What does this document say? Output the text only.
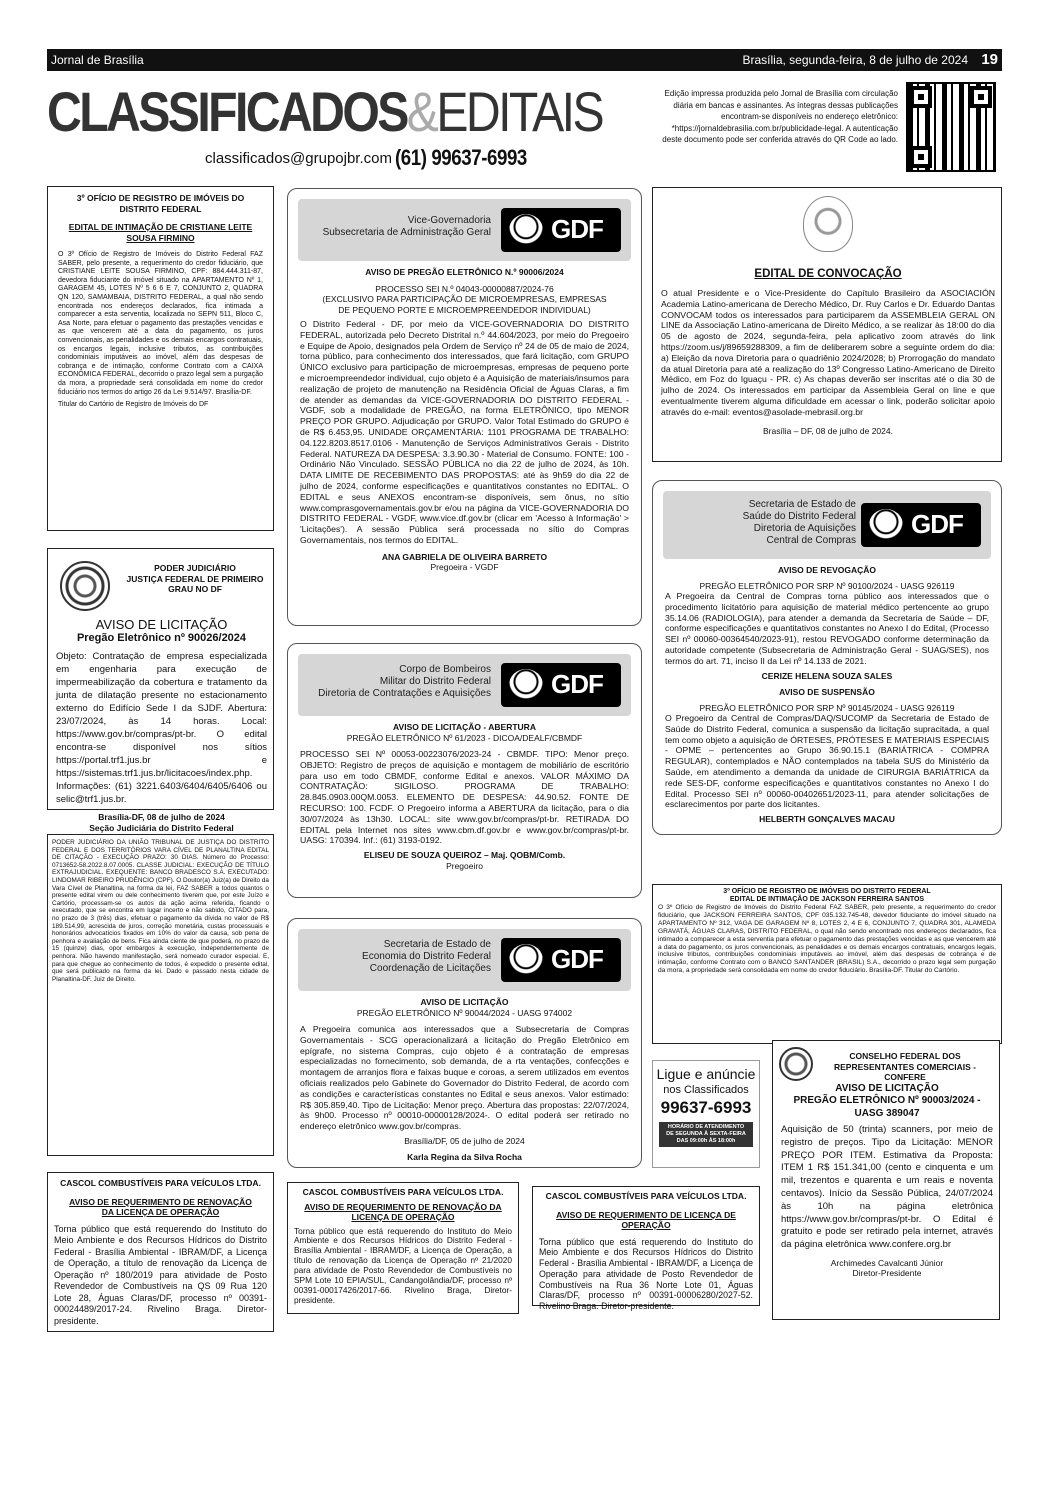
Jornal de Brasília	Brasília, segunda-feira, 8 de julho de 2024 19
CLASSIFICADOS&EDITAIS
classificados@grupojbr.com (61) 99637-6993
Edição impressa produzida pelo Jornal de Brasília com circulação diária em bancas e assinantes. As íntegras dessas publicações encontram-se disponíveis no endereço eletrônico: *https://jornaldebrasilia.com.br/publicidade-legal. A autenticação deste documento pode ser conferida através do QR Code ao lado.
3º OFÍCIO DE REGISTRO DE IMÓVEIS DO DISTRITO FEDERAL
EDITAL DE INTIMAÇÃO DE CRISTIANE LEITE SOUSA FIRMINO
O 3º Ofício de Registro de Imóveis do Distrito Federal FAZ SABER, pelo presente, a requerimento do credor fiduciário, que CRISTIANE LEITE SOUSA FIRMINO, CPF: 884.444.311-87, devedora fiduciante do imóvel situado na APARTAMENTO Nº 1, GARAGEM 45, LOTES Nº 5 6 6 E 7, CONJUNTO 2, QUADRA QN 120, SAMAMBAIA, DISTRITO FEDERAL, a qual não sendo encontrada nos endereços declarados, fica intimada a comparecer a esta serventia, localizada no SEPN 511, Bloco C, Asa Norte, para efetuar o pagamento das prestações vencidas e as que vencerem até a data do pagamento, os juros convencionais, as penalidades e os demais encargos contratuais, os encargos legais, inclusive tributos, as contribuições condominiais imputáveis ao imóvel, além das despesas de cobrança e de intimação, conforme Contrato com a CAIXA ECONÔMICA FEDERAL, decorrido o prazo legal sem a purgação da mora, a propriedade será consolidada em nome do credor fiduciário nos termos do artigo 26 da Lei 9.514/97. Brasília-DF.
Titular do Cartório de Registro de Imóveis do DF
PODER JUDICIÁRIO
JUSTIÇA FEDERAL DE PRIMEIRO GRAU NO DF
AVISO DE LICITAÇÃO
Pregão Eletrônico nº 90026/2024
Objeto: Contratação de empresa especializada em engenharia para execução de impermeabilização da cobertura e tratamento da junta de dilatação presente no estacionamento externo do Edifício Sede I da SJDF. Abertura: 23/07/2024, às 14 horas. Local: https://www.gov.br/compras/pt-br. O edital encontra-se disponível nos sítios https://portal.trf1.jus.br e https://sistemas.trf1.jus.br/licitacoes/index.php. Informações: (61) 3221.6403/6404/6405/6406 ou selic@trf1.jus.br.
Brasília-DF, 08 de julho de 2024
Seção Judiciária do Distrito Federal
PODER JUDICIÁRIO DA UNIÃO TRIBUNAL DE JUSTIÇA DO DISTRITO FEDERAL E DOS TERRITÓRIOS VARA CÍVEL DE PLANALTINA EDITAL DE CITAÇÃO - EXECUÇÃO PRAZO: 30 DIAS. Número do Processo: 0713652-58.2022.8.07.0005. CLASSE JUDICIAL: EXECUÇÃO DE TÍTULO EXTRAJUDICIAL. EXEQUENTE: BANCO BRADESCO S.A. EXECUTADO: LINDOMAR RIBEIRO PRUDÊNCIO (CPF). O Doutor(a) Juiz(a) de Direito da Vara Cível de Planaltina, na forma da lei, FAZ SABER a todos quantos o presente edital virem ou dele conhecimento tiverem que, por este Juízo e Cartório, processam-se os autos da ação acima referida, ficando o executado, que se encontra em lugar incerto e não sabido, CITADO para, no prazo de 3 (três) dias, efetuar o pagamento da dívida no valor de R$ 189.514,99, acrescida de juros, correção monetária, custas processuais e honorários advocatícios fixados em 10% do valor da causa, sob pena de penhora e avaliação de bens. Fica ainda ciente de que poderá, no prazo de 15 (quinze) dias, opor embargos à execução, independentemente de penhora. Não havendo manifestação, será nomeado curador especial. E, para que chegue ao conhecimento de todos, é expedido o presente edital, que será publicado na forma da lei. Dado e passado nesta cidade de Planaltina-DF. Juiz de Direito.
Vice-Governadoria
Subsecretaria de Administração Geral GDF
AVISO DE PREGÃO ELETRÔNICO N.º 90006/2024
PROCESSO SEI N.º 04043-00000887/2024-76
(EXCLUSIVO PARA PARTICIPAÇÃO DE MICROEMPRESAS, EMPRESAS DE PEQUENO PORTE E MICROEMPREENDEDOR INDIVIDUAL)
O Distrito Federal - DF, por meio da VICE-GOVERNADORIA DO DISTRITO FEDERAL, autorizada pelo Decreto Distrital n.º 44.604/2023, por meio do Pregoeiro e Equipe de Apoio, designados pela Ordem de Serviço nº 24 de 05 de maio de 2024, torna público, para conhecimento dos interessados, que fará licitação, com GRUPO ÚNICO exclusivo para participação de microempresas, empresas de pequeno porte e microempreendedor individual, cujo objeto é a Aquisição de materiais/insumos para realização de projeto de manutenção na Residência Oficial de Águas Claras, a fim de atender as demandas da VICE-GOVERNADORIA DO DISTRITO FEDERAL - VGDF, sob a modalidade de PREGÃO, na forma ELETRÔNICO, tipo MENOR PREÇO POR GRUPO. Adjudicação por GRUPO. Valor Total Estimado do GRUPO é de R$ 6.453,95. UNIDADE ORÇAMENTÁRIA: 1101 PROGRAMA DE TRABALHO: 04.122.8203.8517.0106 - Manutenção de Serviços Administrativos Gerais - Distrito Federal. NATUREZA DA DESPESA: 3.3.90.30 - Material de Consumo. FONTE: 100 - Ordinário Não Vinculado. SESSÃO PÚBLICA no dia 22 de julho de 2024, às 10h. DATA LIMITE DE RECEBIMENTO DAS PROPOSTAS: até às 9h59 do dia 22 de julho de 2024, conforme especificações e quantitativos constantes no EDITAL. O EDITAL e seus ANEXOS encontram-se disponíveis, sem ônus, no sítio www.comprasgovernamentais.gov.br e/ou na página da VICE-GOVERNADORIA DO DISTRITO FEDERAL - VGDF, www.vice.df.gov.br (clicar em 'Acesso à Informação' > 'Licitações'). A sessão Pública será processada no sítio do Compras Governamentais, nos termos do EDITAL.
ANA GABRIELA DE OLIVEIRA BARRETO
Pregoeira - VGDF
Corpo de Bombeiros
Militar do Distrito Federal
Diretoria de Contratações e Aquisições GDF
AVISO DE LICITAÇÃO - ABERTURA
PREGÃO ELETRÔNICO Nº 61/2023 - DICOA/DEALF/CBMDF
PROCESSO SEI Nº 00053-00223076/2023-24 - CBMDF. TIPO: Menor preço. OBJETO: Registro de preços de aquisição e montagem de mobiliário de escritório para uso em todo CBMDF, conforme Edital e anexos. VALOR MÁXIMO DA CONTRATAÇÃO: SIGILOSO. PROGRAMA DE TRABALHO: 28.845.0903.00QM.0053. ELEMENTO DE DESPESA: 44.90.52. FONTE DE RECURSO: 100. FCDF. O Pregoeiro informa a ABERTURA da licitação, para o dia 30/07/2024 às 13h30. LOCAL: site www.gov.br/compras/pt-br. RETIRADA DO EDITAL pela Internet nos sites www.cbm.df.gov.br e www.gov.br/compras/pt-br. UASG: 170394. Inf.: (61) 3193-0192.
ELISEU DE SOUZA QUEIROZ – Maj. QOBM/Comb.
Pregoeiro
Secretaria de Estado de
Economia do Distrito Federal
Coordenação de Licitações GDF
AVISO DE LICITAÇÃO
PREGÃO ELETRÔNICO Nº 90044/2024 - UASG 974002
A Pregoeira comunica aos interessados que a Subsecretaria de Compras Governamentais - SCG operacionalizará a licitação do Pregão Eletrônico em epígrafe, no sistema Compras, cujo objeto é a contratação de empresas especializadas no fornecimento, sob demanda, de a rta ventações, confecções e montagem de arranjos flora e faixas buque e coroas, a serem utilizados em eventos oficiais realizados pelo Gabinete do Governador do Distrito Federal, de acordo com as condições e características constantes no Edital e seus anexos. Valor estimado: R$ 305.859,40. Tipo de Licitação: Menor preço. Abertura das propostas: 22/07/2024, às 9h00. Processo nº 00010-00000128/2024-. O edital poderá ser retirado no endereço eletrônico www.gov.br/compras.
Brasília/DF, 05 de julho de 2024
Karla Regina da Silva Rocha
EDITAL DE CONVOCAÇÃO
O atual Presidente e o Vice-Presidente do Capítulo Brasileiro da ASOCIACIÓN Academia Latino-americana de Derecho Médico, Dr. Ruy Carlos e Dr. Eduardo Dantas CONVOCAM todos os interessados para participarem da ASSEMBLEIA GERAL ON LINE da Associação Latino-americana de Direito Médico, a se realizar às 18:00 do dia 05 de agosto de 2024, segunda-feira, pela aplicativo zoom através do link https://zoom.us/j/89659288309, a fim de deliberarem sobre a seguinte ordem do dia: a) Eleição da nova Diretoria para o quadriênio 2024/2028; b) Prorrogação do mandato da atual Diretoria para até a realização do 13º Congresso Latino-Americano de Direito Médico, em Foz do Iguaçu - PR. c) As chapas deverão ser inscritas até o dia 30 de julho de 2024. Os interessados em participar da Assembleia Geral on line e que eventualmente tiverem alguma dificuldade em acessar o link, poderão solicitar apoio através do e-mail: eventos@asolade-mebrasil.org.br
Brasília – DF, 08 de julho de 2024.
Secretaria de Estado de
Saúde do Distrito Federal
Diretoria de Aquisições
Central de Compras
GDF
AVISO DE REVOGAÇÃO
PREGÃO ELETRÔNICO POR SRP Nº 90100/2024 - UASG 926119
A Pregoeira da Central de Compras torna público aos interessados que o procedimento licitatório para aquisição de material médico pertencente ao grupo 35.14.06 (RADIOLOGIA), para atender a demanda da Secretaria de Saúde – DF, conforme especificações e quantitativos constantes no Anexo I do Edital, (Processo SEI nº 00060-00364540/2023-91), restou REVOGADO conforme determinação da autoridade competente (Subsecretaria de Administração Geral - SUAG/SES), nos termos do art. 71, inciso II da Lei nº 14.133 de 2021.
CERIZE HELENA SOUZA SALES
AVISO DE SUSPENSÃO
PREGÃO ELETRÔNICO POR SRP Nº 90145/2024 - UASG 926119
O Pregoeiro da Central de Compras/DAQ/SUCOMP da Secretaria de Estado de Saúde do Distrito Federal, comunica a suspensão da licitação supracitada, a qual tem como objeto a aquisição de ÓRTESES, PRÓTESES E MATERIAIS ESPECIAIS - OPME – pertencentes ao Grupo 36.90.15.1 (BARIÁTRICA - COMPRA REGULAR), contemplados e NÃO contemplados na tabela SUS do Ministério da Saúde, em atendimento a demanda da unidade de CIRURGIA BARIÁTRICA da rede SES-DF, conforme especificações e quantitativos constantes no Anexo I do Edital. Processo SEI nº 00060-00402651/2023-11, para atender solicitações de esclarecimentos por parte dos licitantes.
HELBERTH GONÇALVES MACAU
3º OFÍCIO DE REGISTRO DE IMÓVEIS DO DISTRITO FEDERAL
EDITAL DE INTIMAÇÃO DE JACKSON FERREIRA SANTOS
O 3º Ofício de Registro de Imóveis do Distrito Federal FAZ SABER, pelo presente, a requerimento do credor fiduciário, que JACKSON FERREIRA SANTOS, CPF 035.132.745-48, devedor fiduciante do imóvel situado na APARTAMENTO Nº 312, VAGA DE GARAGEM Nº 8, LOTES 2, 4 E 6, CONJUNTO 7, QUADRA 301, ALAMEDA GRAVATÁ, ÁGUAS CLARAS, DISTRITO FEDERAL, o qual não sendo encontrado nos endereços declarados, fica intimado a comparecer a esta serventia para efetuar o pagamento das prestações vencidas e as que vencerem até a data do pagamento, os juros convencionais, as penalidades e os demais encargos contratuais, encargos legais, inclusive tributos, contribuições condominiais imputáveis ao imóvel, além das despesas de cobrança e de intimação, conforme Contrato com o BANCO SANTANDER (BRASIL) S.A., decorrido o prazo legal sem purgação da mora, a propriedade será consolidada em nome do credor fiduciário. Brasília-DF. Titular do Cartório.
Ligue e anúncie
nos Classificados
99637-6993
HORÁRIO DE ATENDIMENTO
DE SEGUNDA À SEXTA-FEIRA
DAS 09:00h ÀS 18:00h
CONSELHO FEDERAL DOS REPRESENTANTES COMERCIAIS - CONFERE
AVISO DE LICITAÇÃO
PREGÃO ELETRÔNICO Nº 90003/2024 - UASG 389047
Aquisição de 50 (trinta) scanners, por meio de registro de preços. Tipo da Licitação: MENOR PREÇO POR ITEM. Estimativa da Proposta: ITEM 1 R$ 151.341,00 (cento e cinquenta e um mil, trezentos e quarenta e um reais e noventa centavos). Início da Sessão Pública, 24/07/2024 às 10h na página eletrônica https://www.gov.br/compras/pt-br. O Edital é gratuito e pode ser retirado pela internet, através da página eletrônica www.confere.org.br
Archimedes Cavalcanti Júnior
Diretor-Presidente
CASCOL COMBUSTÍVEIS PARA VEÍCULOS LTDA.
AVISO DE REQUERIMENTO DE RENOVAÇÃO DA LICENÇA DE OPERAÇÃO
Torna público que está requerendo do Instituto do Meio Ambiente e dos Recursos Hídricos do Distrito Federal - Brasília Ambiental - IBRAM/DF, a Licença de Operação, a título de renovação da Licença de Operação nº 180/2019 para atividade de Posto Revendedor de Combustíveis na QS 09 Rua 120 Lote 28, Águas Claras/DF, processo nº 00391-00024489/2017-24. Rivelino Braga. Diretor-presidente.
CASCOL COMBUSTÍVEIS PARA VEÍCULOS LTDA.
AVISO DE REQUERIMENTO DE RENOVAÇÃO DA LICENÇA DE OPERAÇÃO
Torna público que está requerendo do Instituto do Meio Ambiente e dos Recursos Hídricos do Distrito Federal - Brasília Ambiental - IBRAM/DF, a Licença de Operação, a título de renovação da Licença de Operação nº 21/2020 para atividade de Posto Revendedor de Combustíveis no SPM Lote 10 EPIA/SUL, Candangolândia/DF, processo nº 00391-00017426/2017-66. Rivelino Braga, Diretor-presidente.
CASCOL COMBUSTÍVEIS PARA VEÍCULOS LTDA.
AVISO DE REQUERIMENTO DE LICENÇA DE OPERAÇÃO
Torna público que está requerendo do Instituto do Meio Ambiente e dos Recursos Hídricos do Distrito Federal - Brasília Ambiental - IBRAM/DF, a Licença de Operação para atividade de Posto Revendedor de Combustíveis na Rua 36 Norte Lote 01, Águas Claras/DF, processo nº 00391-00006280/2027-52. Rivelino Braga. Diretor-presidente.
